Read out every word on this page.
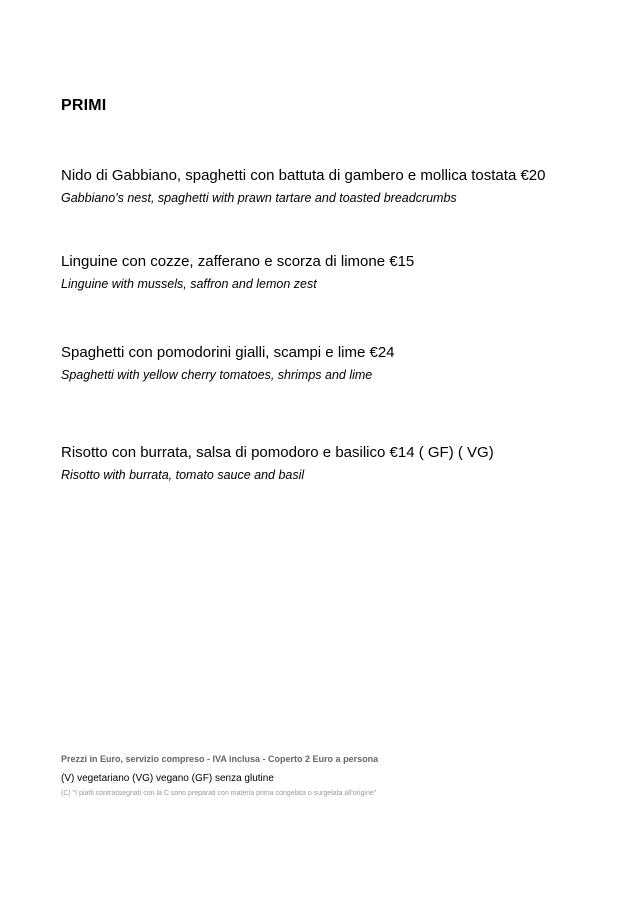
PRIMI
Nido di Gabbiano, spaghetti con battuta di gambero e mollica tostata €20
Gabbiano's nest, spaghetti with prawn tartare and toasted breadcrumbs
Linguine con cozze, zafferano e scorza di limone €15
Linguine with mussels, saffron and lemon zest
Spaghetti con pomodorini gialli, scampi e lime €24
Spaghetti with yellow cherry tomatoes, shrimps and lime
Risotto con burrata, salsa di pomodoro e basilico €14 ( GF) ( VG)
Risotto with burrata, tomato sauce and basil
Prezzi in Euro, servizio compreso - IVA inclusa - Coperto 2 Euro a persona
(V) vegetariano (VG) vegano (GF) senza glutine
(C) "I piatti contrassegnati con la C sono preparati con materia prima congelata o surgelata all'origine"
